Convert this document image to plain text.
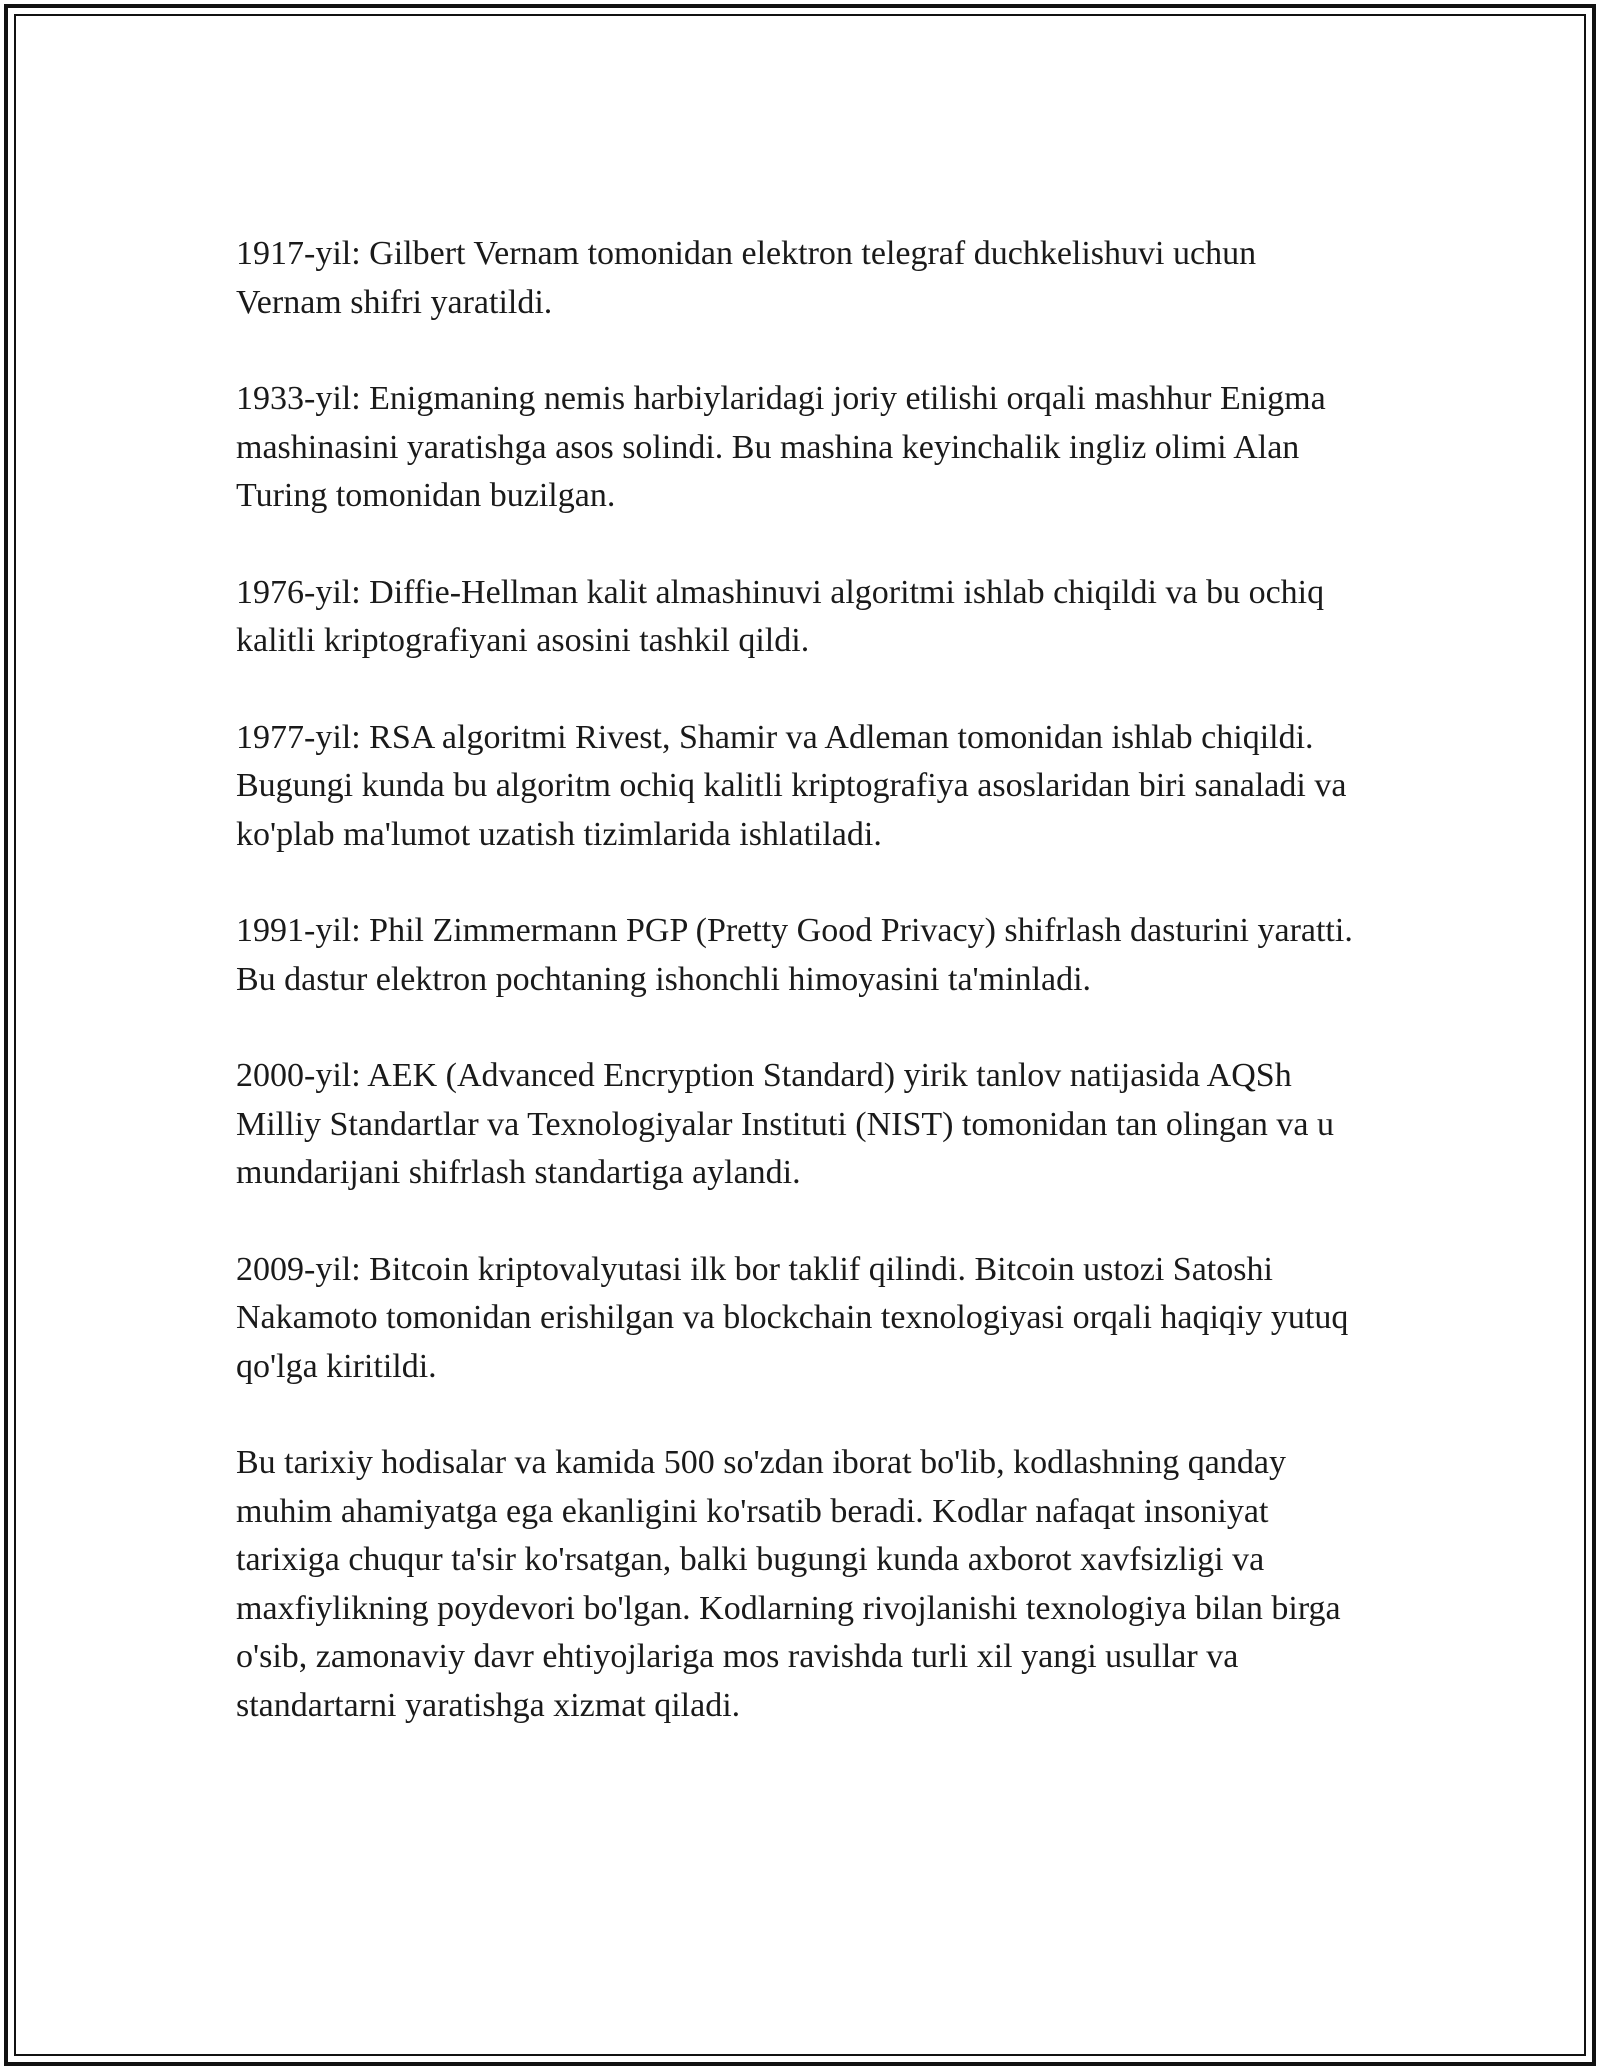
1917-yil: Gilbert Vernam tomonidan elektron telegraf duchkelishuvi uchun Vernam shifri yaratildi.

1933-yil: Enigmaning nemis harbiylaridagi joriy etilishi orqali mashhur Enigma mashinasini yaratishga asos solindi. Bu mashina keyinchalik ingliz olimi Alan Turing tomonidan buzilgan.

1976-yil: Diffie-Hellman kalit almashinuvi algoritmi ishlab chiqildi va bu ochiq kalitli kriptografiyani asosini tashkil qildi.

1977-yil: RSA algoritmi Rivest, Shamir va Adleman tomonidan ishlab chiqildi. Bugungi kunda bu algoritm ochiq kalitli kriptografiya asoslaridan biri sanaladi va ko'plab ma'lumot uzatish tizimlarida ishlatiladi.

1991-yil: Phil Zimmermann PGP (Pretty Good Privacy) shifrlash dasturini yaratti. Bu dastur elektron pochtaning ishonchli himoyasini ta'minladi.

2000-yil: AEK (Advanced Encryption Standard) yirik tanlov natijasida AQSh Milliy Standartlar va Texnologiyalar Instituti (NIST) tomonidan tan olingan va u mundarijani shifrlash standartiga aylandi.

2009-yil: Bitcoin kriptovalyutasi ilk bor taklif qilindi. Bitcoin ustozi Satoshi Nakamoto tomonidan erishilgan va blockchain texnologiyasi orqali haqiqiy yutuq qo'lga kiritildi.

Bu tarixiy hodisalar va kamida 500 so'zdan iborat bo'lib, kodlashning qanday muhim ahamiyatga ega ekanligini ko'rsatib beradi. Kodlar nafaqat insoniyat tarixiga chuqur ta'sir ko'rsatgan, balki bugungi kunda axborot xavfsizligi va maxfiylikning poydevori bo'lgan. Kodlarning rivojlanishi texnologiya bilan birga o'sib, zamonaviy davr ehtiyojlariga mos ravishda turli xil yangi usullar va standartarni yaratishga xizmat qiladi.
